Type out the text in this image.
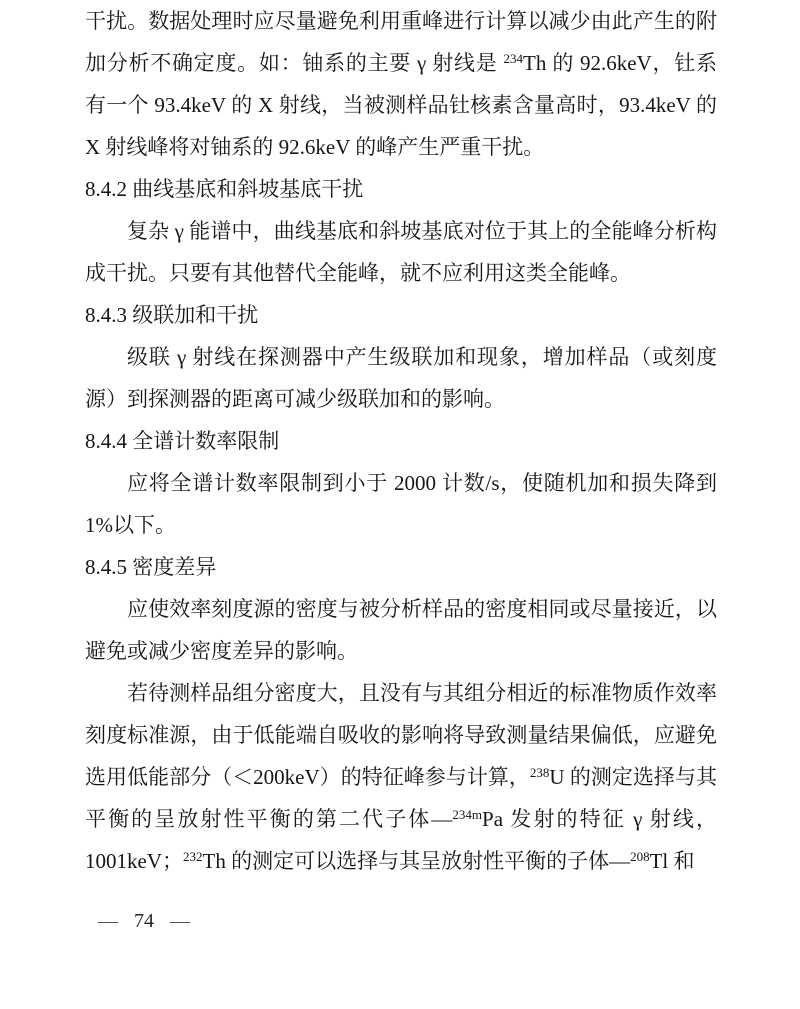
干扰。数据处理时应尽量避免利用重峰进行计算以减少由此产生的附加分析不确定度。如：铀系的主要 γ 射线是 $^{234}$Th 的 92.6keV，钍系有一个 93.4keV 的 X 射线，当被测样品钍核素含量高时，93.4keV 的 X 射线峰将对铀系的 92.6keV 的峰产生严重干扰。

8.4.2 曲线基底和斜坡基底干扰

复杂 γ 能谱中，曲线基底和斜坡基底对位于其上的全能峰分析构成干扰。只要有其他替代全能峰，就不应利用这类全能峰。

8.4.3 级联加和干扰

级联 γ 射线在探测器中产生级联加和现象，增加样品（或刻度源）到探测器的距离可减少级联加和的影响。

8.4.4 全谱计数率限制

应将全谱计数率限制到小于 2000 计数/s，使随机加和损失降到 1%以下。

8.4.5 密度差异

应使效率刻度源的密度与被分析样品的密度相同或尽量接近，以避免或减少密度差异的影响。

若待测样品组分密度大，且没有与其组分相近的标准物质作效率刻度标准源，由于低能端自吸收的影响将导致测量结果偏低，应避免选用低能部分（＜200keV）的特征峰参与计算，$^{238}$U 的测定选择与其平衡的呈放射性平衡的第二代子体—$^{234m}$Pa 发射的特征 γ 射线，1001keV；$^{232}$Th 的测定可以选择与其呈放射性平衡的子体—$^{208}$Tl 和

— 74 —
